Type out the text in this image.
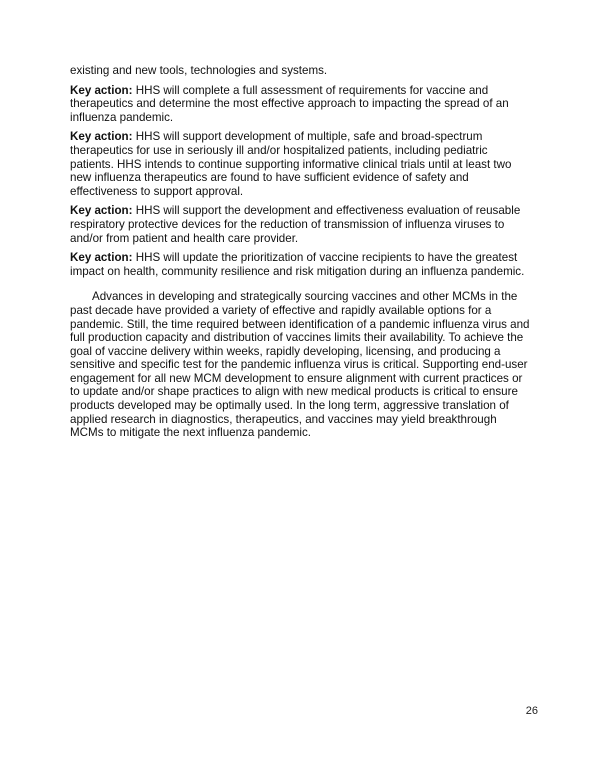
existing and new tools, technologies and systems.

Key action: HHS will complete a full assessment of requirements for vaccine and therapeutics and determine the most effective approach to impacting the spread of an influenza pandemic.

Key action: HHS will support development of multiple, safe and broad-spectrum therapeutics for use in seriously ill and/or hospitalized patients, including pediatric patients. HHS intends to continue supporting informative clinical trials until at least two new influenza therapeutics are found to have sufficient evidence of safety and effectiveness to support approval.

Key action: HHS will support the development and effectiveness evaluation of reusable respiratory protective devices for the reduction of transmission of influenza viruses to and/or from patient and health care provider.

Key action: HHS will update the prioritization of vaccine recipients to have the greatest impact on health, community resilience and risk mitigation during an influenza pandemic.

Advances in developing and strategically sourcing vaccines and other MCMs in the past decade have provided a variety of effective and rapidly available options for a pandemic. Still, the time required between identification of a pandemic influenza virus and full production capacity and distribution of vaccines limits their availability. To achieve the goal of vaccine delivery within weeks, rapidly developing, licensing, and producing a sensitive and specific test for the pandemic influenza virus is critical. Supporting end-user engagement for all new MCM development to ensure alignment with current practices or to update and/or shape practices to align with new medical products is critical to ensure products developed may be optimally used. In the long term, aggressive translation of applied research in diagnostics, therapeutics, and vaccines may yield breakthrough MCMs to mitigate the next influenza pandemic.

26
